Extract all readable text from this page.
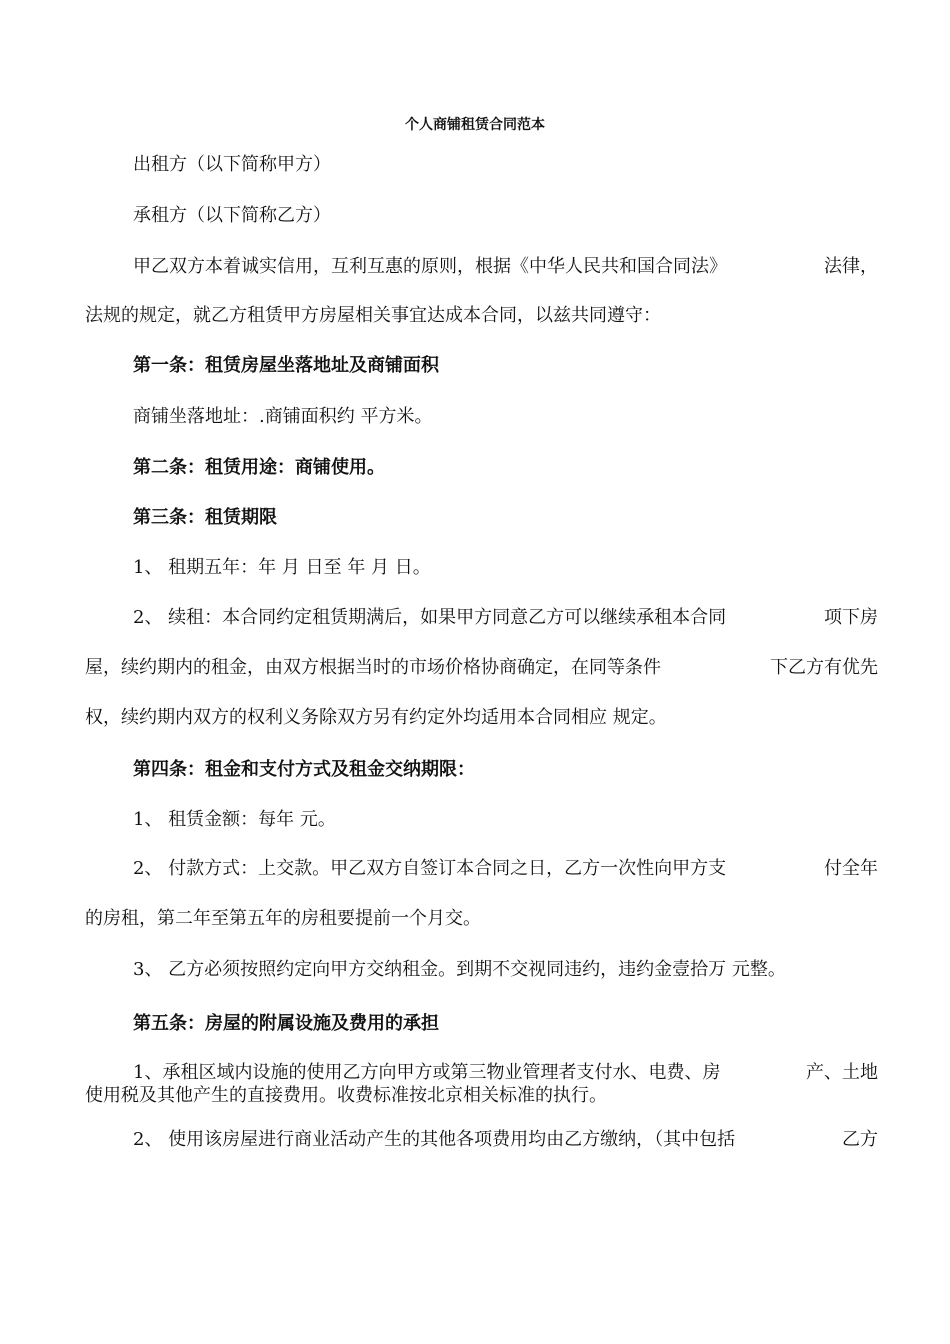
个人商铺租赁合同范本
出租方（以下简称甲方）
承租方（以下简称乙方）
甲乙双方本着诚实信用，互利互惠的原则，根据《中华人民共和国合同法》	法律，
法规的规定，就乙方租赁甲方房屋相关事宜达成本合同，以兹共同遵守：
第一条：租赁房屋坐落地址及商铺面积
商铺坐落地址：.商铺面积约 平方米。
第二条：租赁用途：商铺使用。
第三条：租赁期限
1、 租期五年：年 月 日至 年 月 日。
2、 续租：本合同约定租赁期满后，如果甲方同意乙方可以继续承租本合同	项下房
屋，续约期内的租金，由双方根据当时的市场价格协商确定，在同等条件	下乙方有优先
权，续约期内双方的权利义务除双方另有约定外均适用本合同相应 规定。
第四条：租金和支付方式及租金交纳期限：
1、 租赁金额：每年 元。
2、 付款方式：上交款。甲乙双方自签订本合同之日，乙方一次性向甲方支	付全年
的房租，第二年至第五年的房租要提前一个月交。
3、 乙方必须按照约定向甲方交纳租金。到期不交视同违约，违约金壹拾万 元整。
第五条：房屋的附属设施及费用的承担
1、承租区域内设施的使用乙方向甲方或第三物业管理者支付水、电费、房	产、土地
使用税及其他产生的直接费用。收费标准按北京相关标准的执行。
2、 使用该房屋进行商业活动产生的其他各项费用均由乙方缴纳，（其中包括	乙方
